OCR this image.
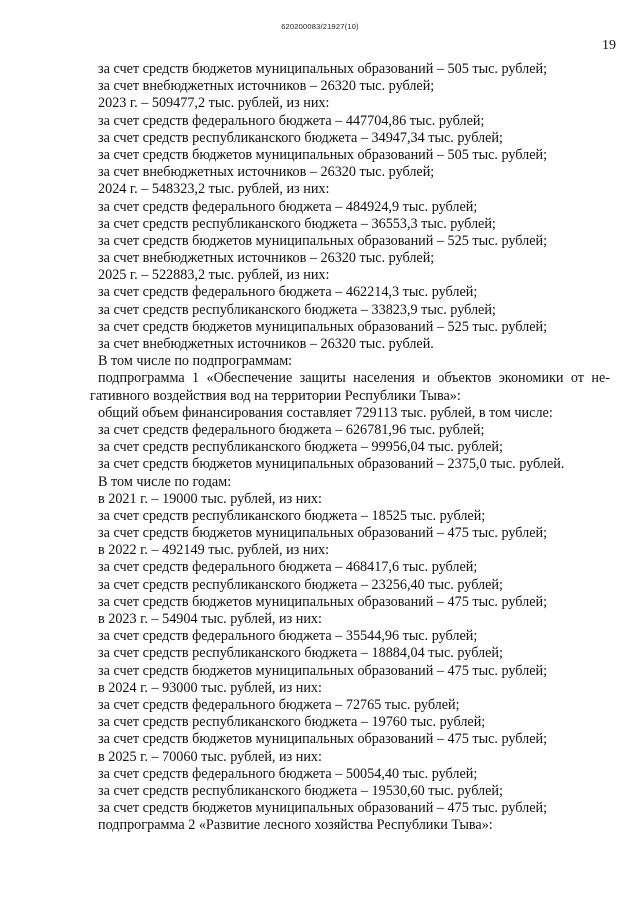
620200083/21927(10)
19
за счет средств бюджетов муниципальных образований – 505 тыс. рублей;
за счет внебюджетных источников – 26320 тыс. рублей;
2023 г. – 509477,2 тыс. рублей, из них:
за счет средств федерального бюджета – 447704,86 тыс. рублей;
за счет средств республиканского бюджета – 34947,34 тыс. рублей;
за счет средств бюджетов муниципальных образований – 505 тыс. рублей;
за счет внебюджетных источников – 26320 тыс. рублей;
2024 г. – 548323,2 тыс. рублей, из них:
за счет средств федерального бюджета – 484924,9 тыс. рублей;
за счет средств республиканского бюджета – 36553,3 тыс. рублей;
за счет средств бюджетов муниципальных образований – 525 тыс. рублей;
за счет внебюджетных источников – 26320 тыс. рублей;
2025 г. – 522883,2 тыс. рублей, из них:
за счет средств федерального бюджета – 462214,3 тыс. рублей;
за счет средств республиканского бюджета – 33823,9 тыс. рублей;
за счет средств бюджетов муниципальных образований – 525 тыс. рублей;
за счет внебюджетных источников – 26320 тыс. рублей.
В том числе по подпрограммам:
подпрограмма 1 «Обеспечение защиты населения и объектов экономики от не-
гативного воздействия вод на территории Республики Тыва»:
общий объем финансирования составляет 729113 тыс. рублей, в том числе:
за счет средств федерального бюджета – 626781,96 тыс. рублей;
за счет средств республиканского бюджета – 99956,04 тыс. рублей;
за счет средств бюджетов муниципальных образований – 2375,0 тыс. рублей.
В том числе по годам:
в 2021 г. – 19000 тыс. рублей, из них:
за счет средств республиканского бюджета – 18525 тыс. рублей;
за счет средств бюджетов муниципальных образований – 475 тыс. рублей;
в 2022 г. – 492149 тыс. рублей, из них:
за счет средств федерального бюджета – 468417,6 тыс. рублей;
за счет средств республиканского бюджета – 23256,40 тыс. рублей;
за счет средств бюджетов муниципальных образований – 475 тыс. рублей;
в 2023 г. – 54904 тыс. рублей, из них:
за счет средств федерального бюджета – 35544,96 тыс. рублей;
за счет средств республиканского бюджета – 18884,04 тыс. рублей;
за счет средств бюджетов муниципальных образований – 475 тыс. рублей;
в 2024 г. – 93000 тыс. рублей, из них:
за счет средств федерального бюджета – 72765 тыс. рублей;
за счет средств республиканского бюджета – 19760 тыс. рублей;
за счет средств бюджетов муниципальных образований – 475 тыс. рублей;
в 2025 г. – 70060 тыс. рублей, из них:
за счет средств федерального бюджета – 50054,40 тыс. рублей;
за счет средств республиканского бюджета – 19530,60 тыс. рублей;
за счет средств бюджетов муниципальных образований – 475 тыс. рублей;
подпрограмма 2 «Развитие лесного хозяйства Республики Тыва»:
